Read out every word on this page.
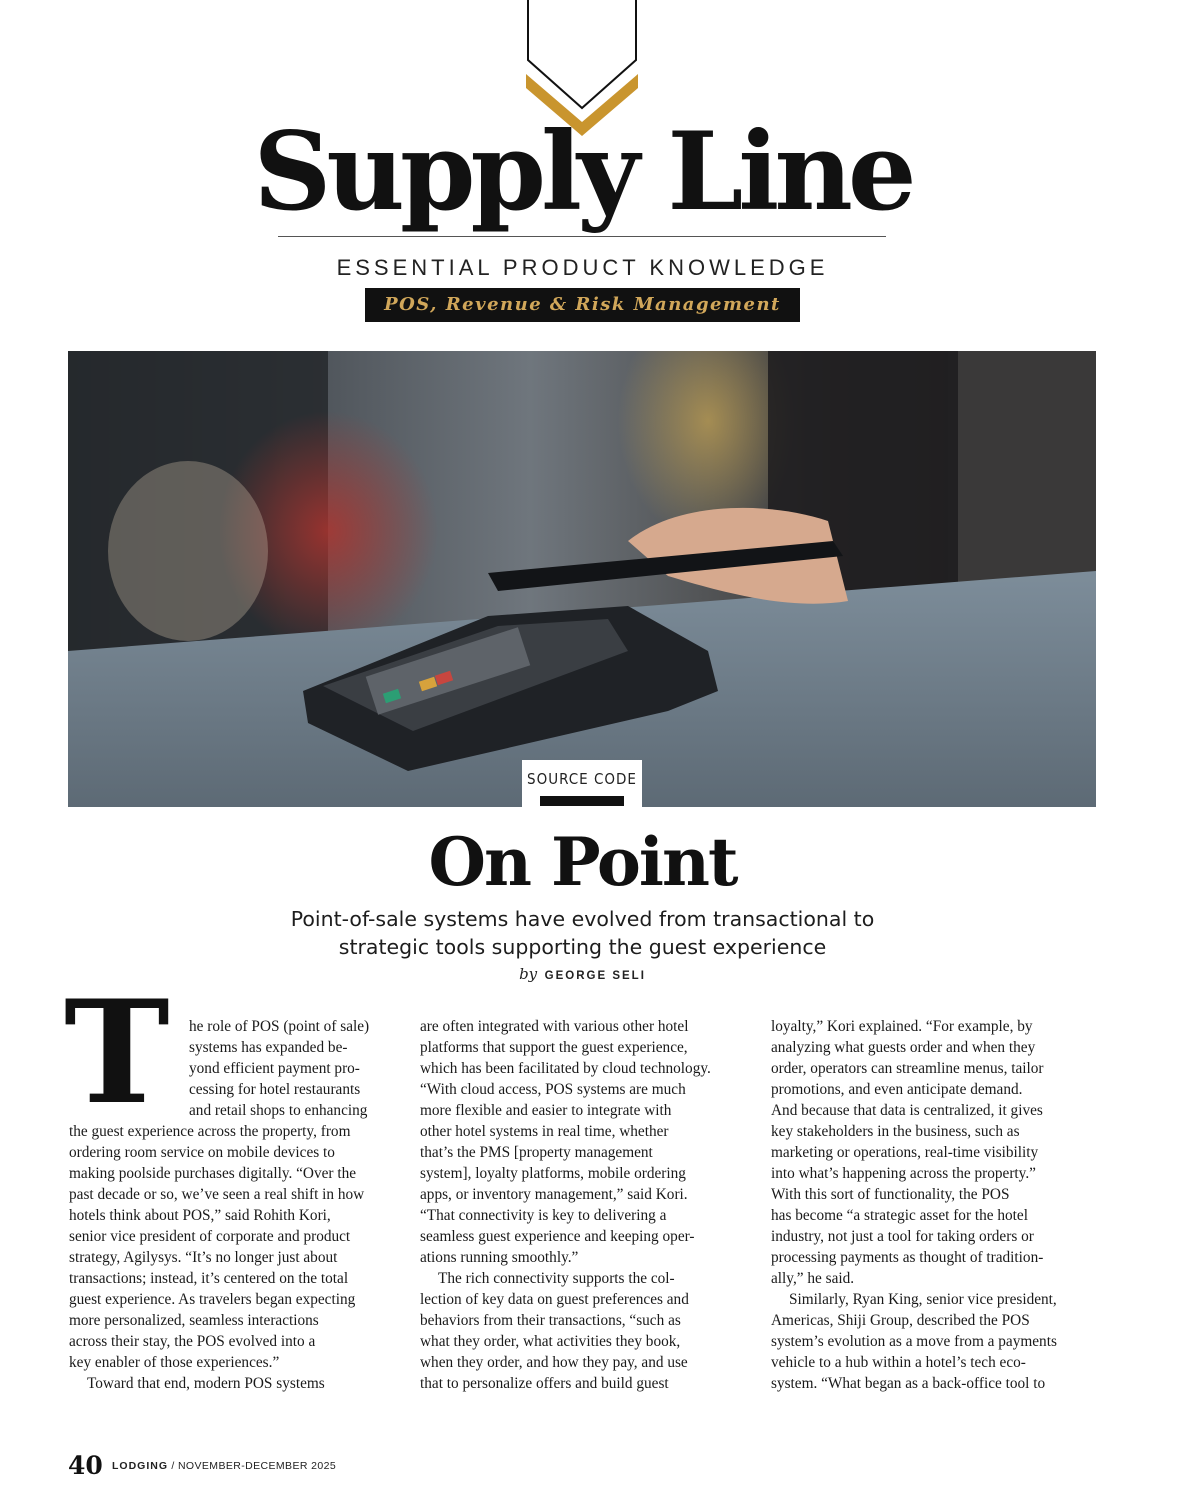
Supply Line
ESSENTIAL PRODUCT KNOWLEDGE
POS, Revenue & Risk Management
SOURCE CODE
On Point
Point-of-sale systems have evolved from transactional to
strategic tools supporting the guest experience
by GEORGE SELI
T	he role of POS (point of sale)
systems has expanded be-
yond efficient payment pro-
cessing for hotel restaurants
and retail shops to enhancing
the guest experience across the property, from
ordering room service on mobile devices to
making poolside purchases digitally. “Over the
past decade or so, we’ve seen a real shift in how
hotels think about POS,” said Rohith Kori,
senior vice president of corporate and product
strategy, Agilysys. “It’s no longer just about
transactions; instead, it’s centered on the total
guest experience. As travelers began expecting
more personalized, seamless interactions
across their stay, the POS evolved into a
key enabler of those experiences.”
Toward that end, modern POS systems
are often integrated with various other hotel
platforms that support the guest experience,
which has been facilitated by cloud technology.
“With cloud access, POS systems are much
more flexible and easier to integrate with
other hotel systems in real time, whether
that’s the PMS [property management
system], loyalty platforms, mobile ordering
apps, or inventory management,” said Kori.
“That connectivity is key to delivering a
seamless guest experience and keeping oper-
ations running smoothly.”
The rich connectivity supports the col-
lection of key data on guest preferences and
behaviors from their transactions, “such as
what they order, what activities they book,
when they order, and how they pay, and use
that to personalize offers and build guest
loyalty,” Kori explained. “For example, by
analyzing what guests order and when they
order, operators can streamline menus, tailor
promotions, and even anticipate demand.
And because that data is centralized, it gives
key stakeholders in the business, such as
marketing or operations, real-time visibility
into what’s happening across the property.”
With this sort of functionality, the POS
has become “a strategic asset for the hotel
industry, not just a tool for taking orders or
processing payments as thought of tradition-
ally,” he said.
Similarly, Ryan King, senior vice president,
Americas, Shiji Group, described the POS
system’s evolution as a move from a payments
vehicle to a hub within a hotel’s tech eco-
system. “What began as a back-office tool to
40 LODGING / NOVEMBER-DECEMBER 2025
